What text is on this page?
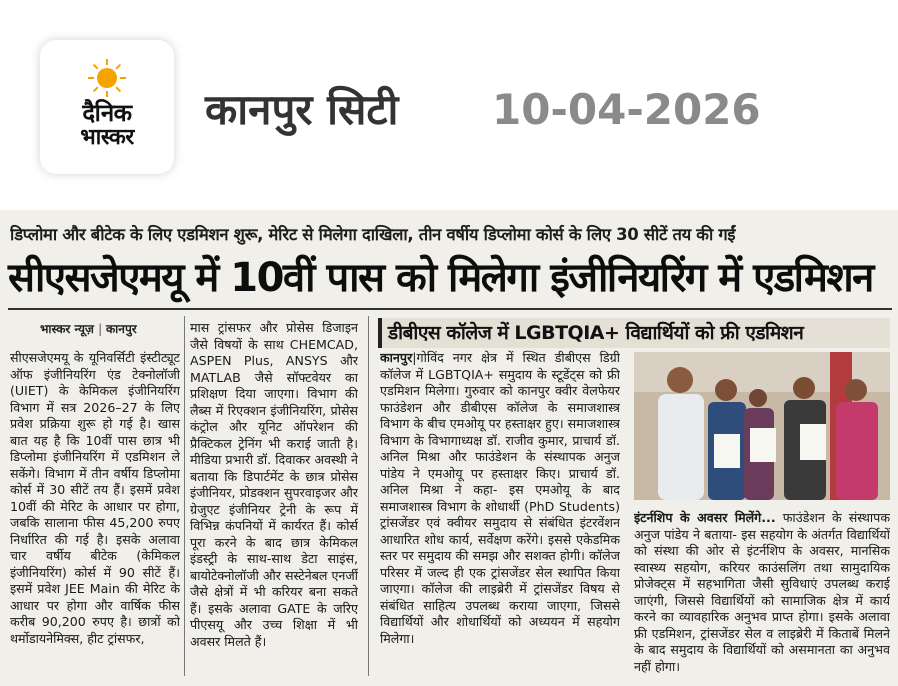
दैनिक
भास्कर
कानपुर सिटी 10-04-2026
डिप्लोमा और बीटेक के लिए एडमिशन शुरू, मेरिट से मिलेगा दाखिला, तीन वर्षीय डिप्लोमा कोर्स के लिए 30 सीटें तय की गईं
सीएसजेएमयू में 10वीं पास को मिलेगा इंजीनियरिंग में एडमिशन
भास्कर न्यूज़ | कानपुर
सीएसजेएमयू के यूनिवर्सिटी इंस्टीट्यूट ऑफ इंजीनियरिंग एंड टेक्नोलॉजी (UIET) के केमिकल इंजीनियरिंग विभाग में सत्र 2026–27 के लिए प्रवेश प्रक्रिया शुरू हो गई है। खास बात यह है कि 10वीं पास छात्र भी डिप्लोमा इंजीनियरिंग में एडमिशन ले सकेंगे। विभाग में तीन वर्षीय डिप्लोमा कोर्स में 30 सीटें तय हैं। इसमें प्रवेश 10वीं की मेरिट के आधार पर होगा, जबकि सालाना फीस 45,200 रुपए निर्धारित की गई है। इसके अलावा चार वर्षीय बीटेक (केमिकल इंजीनियरिंग) कोर्स में 90 सीटें हैं। इसमें प्रवेश JEE Main की मेरिट के आधार पर होगा और वार्षिक फीस करीब 90,200 रुपए है। छात्रों को थर्मोडायनेमिक्स, हीट ट्रांसफर,
मास ट्रांसफर और प्रोसेस डिजाइन जैसे विषयों के साथ CHEMCAD, ASPEN Plus, ANSYS और MATLAB जैसे सॉफ्टवेयर का प्रशिक्षण दिया जाएगा। विभाग की लैब्स में रिएक्शन इंजीनियरिंग, प्रोसेस कंट्रोल और यूनिट ऑपरेशन की प्रैक्टिकल ट्रेनिंग भी कराई जाती है। मीडिया प्रभारी डॉ. दिवाकर अवस्थी ने बताया कि डिपार्टमेंट के छात्र प्रोसेस इंजीनियर, प्रोडक्शन सुपरवाइजर और ग्रेजुएट इंजीनियर ट्रेनी के रूप में विभिन्न कंपनियों में कार्यरत हैं। कोर्स पूरा करने के बाद छात्र केमिकल इंडस्ट्री के साथ-साथ डेटा साइंस, बायोटेक्नोलॉजी और सस्टेनेबल एनर्जी जैसे क्षेत्रों में भी करियर बना सकते हैं। इसके अलावा GATE के जरिए पीएसयू और उच्च शिक्षा में भी अवसर मिलते हैं।
डीबीएस कॉलेज में LGBTQIA+ विद्यार्थियों को फ्री एडमिशन
कानपुर|गोविंद नगर क्षेत्र में स्थित डीबीएस डिग्री कॉलेज में LGBTQIA+ समुदाय के स्टूडेंट्स को फ्री एडमिशन मिलेगा। गुरुवार को कानपुर क्वीर वेलफेयर फाउंडेशन और डीबीएस कॉलेज के समाजशास्त्र विभाग के बीच एमओयू पर हस्ताक्षर हुए। समाजशास्त्र विभाग के विभागाध्यक्ष डॉ. राजीव कुमार, प्राचार्य डॉ. अनिल मिश्रा और फाउंडेशन के संस्थापक अनुज पांडेय ने एमओयू पर हस्ताक्षर किए। प्राचार्य डॉ. अनिल मिश्रा ने कहा- इस एमओयू के बाद समाजशास्त्र विभाग के शोधार्थी (PhD Students) ट्रांसजेंडर एवं क्वीयर समुदाय से संबंधित इंटरवेंशन आधारित शोध कार्य, सर्वेक्षण करेंगे। इससे एकेडमिक स्तर पर समुदाय की समझ और सशक्त होगी। कॉलेज परिसर में जल्द ही एक ट्रांसजेंडर सेल स्थापित किया जाएगा। कॉलेज की लाइब्रेरी में ट्रांसजेंडर विषय से संबंधित साहित्य उपलब्ध कराया जाएगा, जिससे विद्यार्थियों और शोधार्थियों को अध्ययन में सहयोग मिलेगा।
इंटर्नशिप के अवसर मिलेंगे... फाउंडेशन के संस्थापक अनुज पांडेय ने बताया- इस सहयोग के अंतर्गत विद्यार्थियों को संस्था की ओर से इंटर्नशिप के अवसर, मानसिक स्वास्थ्य सहयोग, करियर काउंसलिंग तथा सामुदायिक प्रोजेक्ट्स में सहभागिता जैसी सुविधाएं उपलब्ध कराई जाएंगी, जिससे विद्यार्थियों को सामाजिक क्षेत्र में कार्य करने का व्यावहारिक अनुभव प्राप्त होगा। इसके अलावा फ्री एडमिशन, ट्रांसजेंडर सेल व लाइब्रेरी में किताबें मिलने के बाद समुदाय के विद्यार्थियों को असमानता का अनुभव नहीं होगा।
